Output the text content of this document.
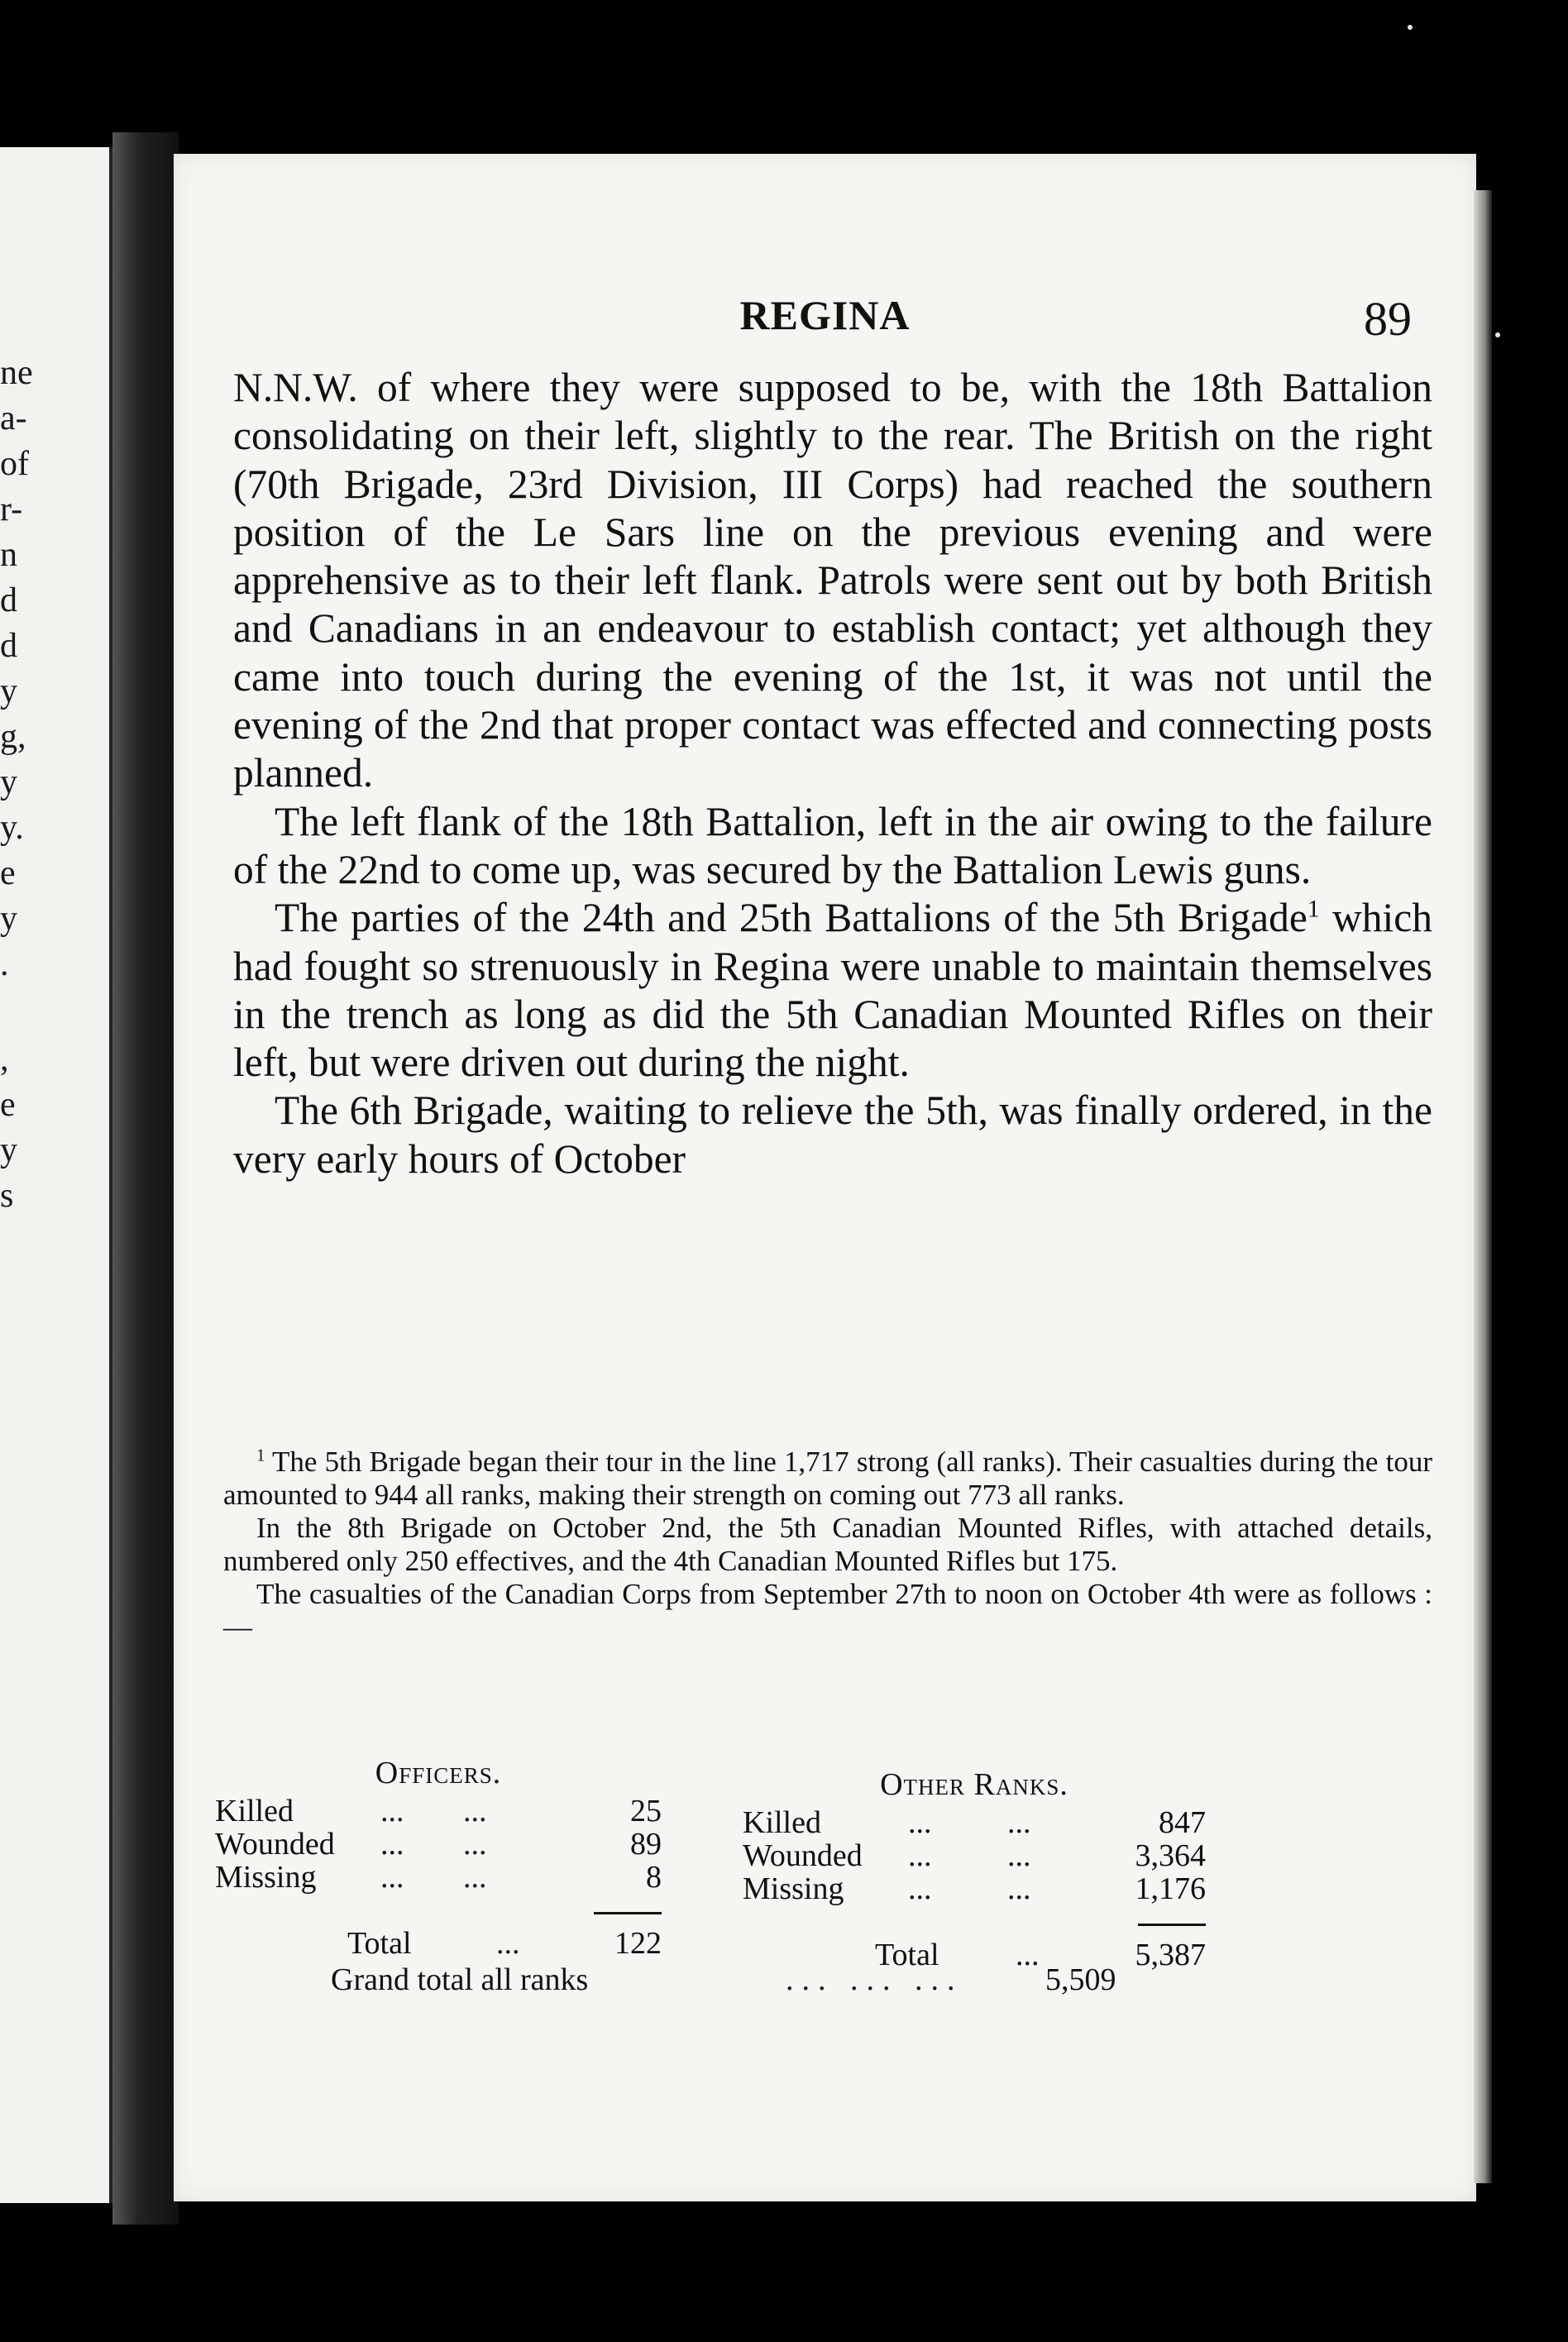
ne
a-
of
r-
n
d
d
y
g,
y
y.
e
y
.
,
e
y
s
REGINA	89

N.N.W. of where they were supposed to be, with the 18th Battalion consolidating on their left, slightly to the rear. The British on the right (70th Brigade, 23rd Division, III Corps) had reached the southern position of the Le Sars line on the previous evening and were apprehensive as to their left flank. Patrols were sent out by both British and Canadians in an endeavour to establish contact; yet although they came into touch during the evening of the 1st, it was not until the evening of the 2nd that proper contact was effected and connecting posts planned.

The left flank of the 18th Battalion, left in the air owing to the failure of the 22nd to come up, was secured by the Battalion Lewis guns.

The parties of the 24th and 25th Battalions of the 5th Brigade$^1$ which had fought so strenuously in Regina were unable to maintain themselves in the trench as long as did the 5th Canadian Mounted Rifles on their left, but were driven out during the night.

The 6th Brigade, waiting to relieve the 5th, was finally ordered, in the very early hours of October

$^1$ The 5th Brigade began their tour in the line 1,717 strong (all ranks). Their casualties during the tour amounted to 944 all ranks, making their strength on coming out 773 all ranks.

In the 8th Brigade on October 2nd, the 5th Canadian Mounted Rifles, with attached details, numbered only 250 effectives, and the 4th Canadian Mounted Rifles but 175.

The casualties of the Canadian Corps from September 27th to noon on October 4th were as follows :—

Officers.
Killed	... ...	25
Wounded ... ...	89
Missing ... ...	8
Total	...	122
Other Ranks.
Killed	... ...	847
Wounded ... ...	3,364
Missing ... ...	1,176
Total ...	5,387
Grand total all ranks	... ... ...	5,509
